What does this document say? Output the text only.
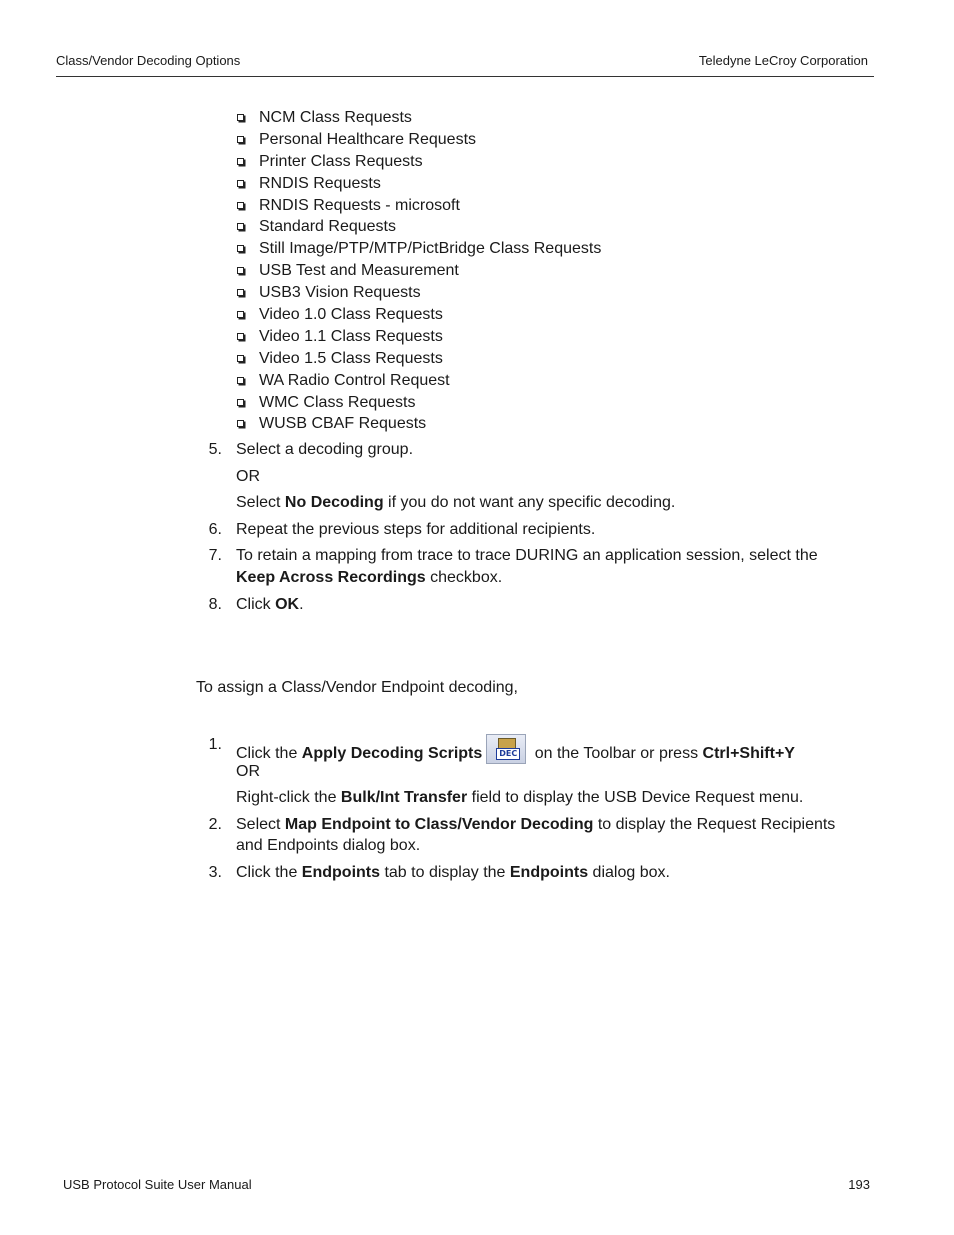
Class/Vendor Decoding Options	Teledyne LeCroy Corporation
NCM Class Requests
Personal Healthcare Requests
Printer Class Requests
RNDIS Requests
RNDIS Requests - microsoft
Standard Requests
Still Image/PTP/MTP/PictBridge Class Requests
USB Test and Measurement
USB3 Vision Requests
Video 1.0 Class Requests
Video 1.1 Class Requests
Video 1.5 Class Requests
WA Radio Control Request
WMC Class Requests
WUSB CBAF Requests
5. Select a decoding group.
OR
Select No Decoding if you do not want any specific decoding.
6. Repeat the previous steps for additional recipients.
7. To retain a mapping from trace to trace DURING an application session, select the
Keep Across Recordings checkbox.
8. Click OK.
To assign a Class/Vendor Endpoint decoding,
1.
Click the Apply Decoding Scripts	DEC on the Toolbar or press Ctrl+Shift+Y
OR
Right-click the Bulk/Int Transfer field to display the USB Device Request menu.
2. Select Map Endpoint to Class/Vendor Decoding to display the Request Recipients
and Endpoints dialog box.
3. Click the Endpoints tab to display the Endpoints dialog box.
USB Protocol Suite User Manual	193
